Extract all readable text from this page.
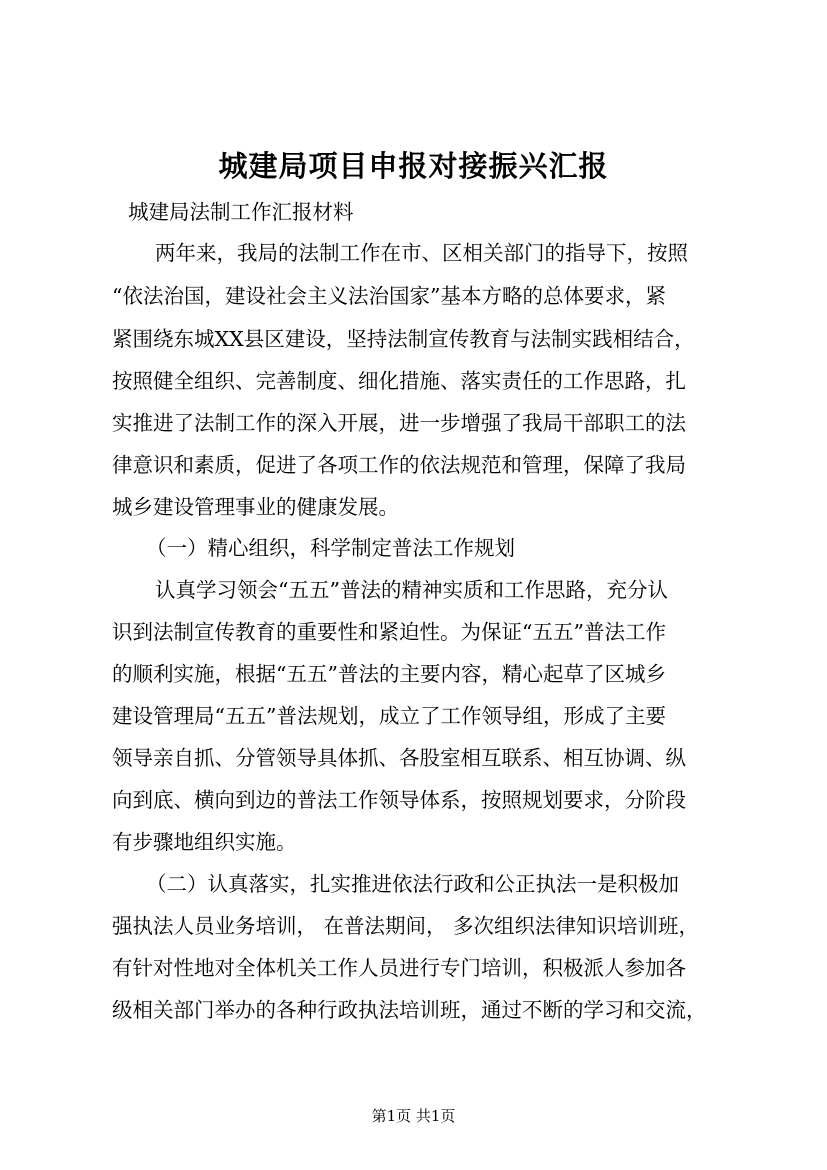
城建局项目申报对接振兴汇报
城建局法制工作汇报材料
两年来，我局的法制工作在市、区相关部门的指导下，按照
“依法治国，建设社会主义法治国家”基本方略的总体要求，紧
紧围绕东城XX县区建设，坚持法制宣传教育与法制实践相结合，
按照健全组织、完善制度、细化措施、落实责任的工作思路，扎
实推进了法制工作的深入开展，进一步增强了我局干部职工的法
律意识和素质，促进了各项工作的依法规范和管理，保障了我局
城乡建设管理事业的健康发展。
（一）精心组织，科学制定普法工作规划
认真学习领会“五五”普法的精神实质和工作思路，充分认
识到法制宣传教育的重要性和紧迫性。为保证“五五”普法工作
的顺利实施，根据“五五”普法的主要内容，精心起草了区城乡
建设管理局“五五”普法规划，成立了工作领导组，形成了主要
领导亲自抓、分管领导具体抓、各股室相互联系、相互协调、纵
向到底、横向到边的普法工作领导体系，按照规划要求，分阶段
有步骤地组织实施。
（二）认真落实，扎实推进依法行政和公正执法一是积极加
强执法人员业务培训， 在普法期间， 多次组织法律知识培训班，
有针对性地对全体机关工作人员进行专门培训，积极派人参加各
级相关部门举办的各种行政执法培训班，通过不断的学习和交流，
第1页 共1页
